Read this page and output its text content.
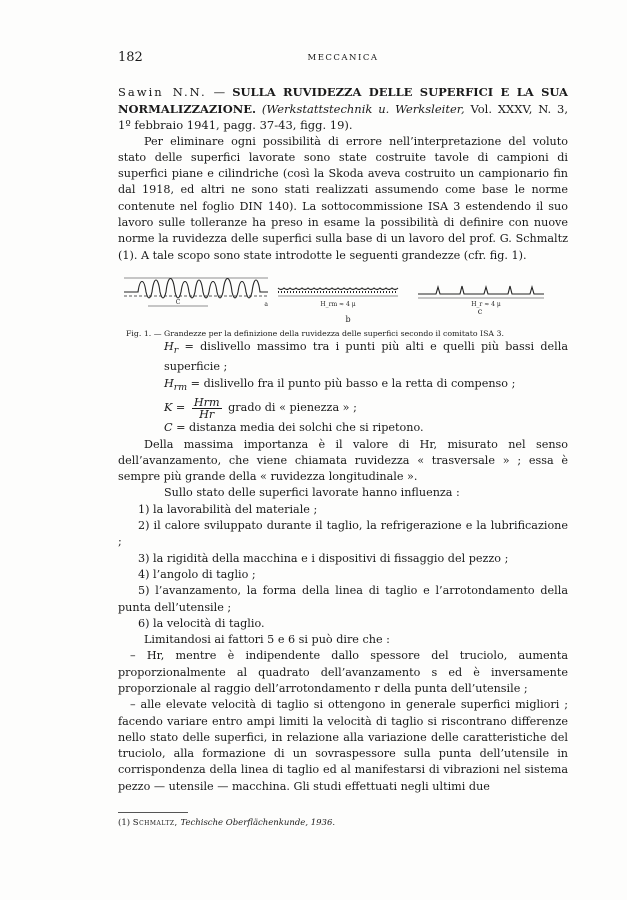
182	MECCANICA

Sawin N.N. — SULLA RUVIDEZZA DELLE SUPERFICI E LA SUA NORMALIZZAZIONE. (Werkstattstechnik u. Werksleiter, Vol. XXXV, N. 3, 1º febbraio 1941, pagg. 37-43, figg. 19).

Per eliminare ogni possibilità di errore nell’interpretazione del voluto stato delle superfici lavorate sono state costruite tavole di campioni di superfici piane e cilindriche (così la Skoda aveva costruito un campionario fin dal 1918, ed altri ne sono stati realizzati assumendo come base le norme contenute nel foglio DIN 140). La sottocommissione ISA 3 estendendo il suo lavoro sulle tolleranze ha preso in esame la possibilità di definire con nuove norme la ruvidezza delle superfici sulla base di un lavoro del prof. G. Schmaltz (1). A tale scopo sono state introdotte le seguenti grandezze (cfr. fig. 1).

b
c
C	H_rm ≈ 4 μ	H_r ≈ 4 μ
a

Fig. 1. — Grandezze per la definizione della ruvidezza delle superfici secondo il comitato ISA 3.

$H_r$ = dislivello massimo tra i punti più alti e quelli più bassi della superficie ;

$H_{rm}$ = dislivello fra il punto più basso e la retta di compenso ;

$K = \frac{\text{Hrm}}{Hr}$ grado di « pienezza » ;

C = distanza media dei solchi che si ripetono.

Della massima importanza è il valore di Hr, misurato nel senso dell’avanzamento, che viene chiamata ruvidezza « trasversale » ; essa è sempre più grande della « ruvidezza longitudinale ».

Sullo stato delle superfici lavorate hanno influenza :

1) la lavorabilità del materiale ;

2) il calore sviluppato durante il taglio, la refrigerazione e la lubrificazione ;

3) la rigidità della macchina e i dispositivi di fissaggio del pezzo ;

4) l’angolo di taglio ;

5) l’avanzamento, la forma della linea di taglio e l’arrotondamento della punta dell’utensile ;

6) la velocità di taglio.

Limitandosi ai fattori 5 e 6 si può dire che :

– Hr, mentre è indipendente dallo spessore del truciolo, aumenta proporzionalmente al quadrato dell’avanzamento s ed è inversamente proporzionale al raggio dell’arrotondamento r della punta dell’utensile ;

– alle elevate velocità di taglio si ottengono in generale superfici migliori ; facendo variare entro ampi limiti la velocità di taglio si riscontrano differenze nello stato delle superfici, in relazione alla variazione delle caratteristiche del truciolo, alla formazione di un sovraspessore sulla punta dell’utensile in corrispondenza della linea di taglio ed al manifestarsi di vibrazioni nel sistema pezzo — utensile — macchina. Gli studi effettuati negli ultimi due

(1) Schmaltz, Techische Oberflächenkunde, 1936.
